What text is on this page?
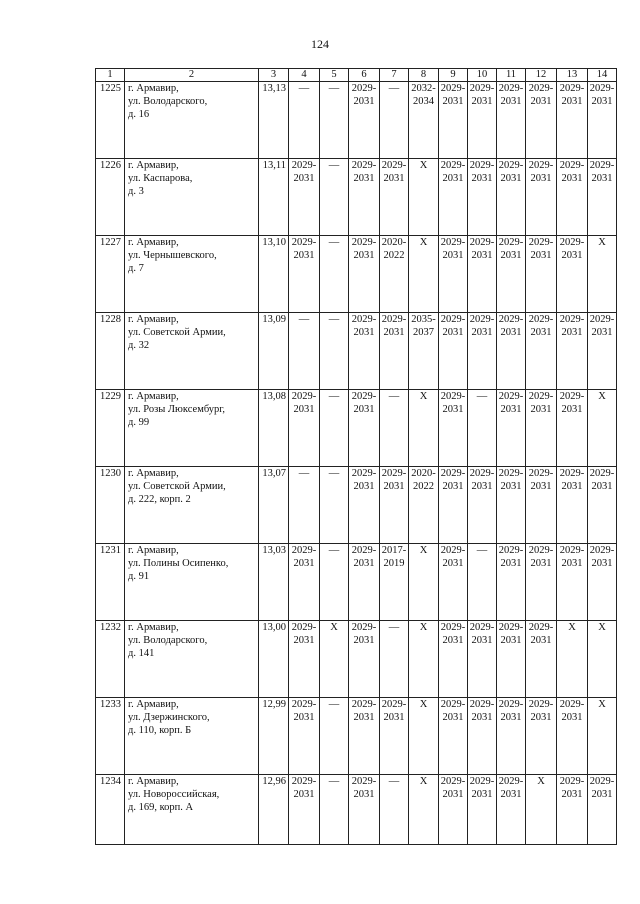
124
1	2	3	4	5	6	7	8	9	10	11	12	13	14
1225	г. Армавир,
ул. Володарского,
д. 16	13,13	—	—	2029-
2031	—	2032-
2034	2029-
2031	2029-
2031	2029-
2031	2029-
2031	2029-
2031	2029-
2031

1226	г. Армавир,
ул. Каспарова,
д. 3	13,11	2029-
2031	—	2029-
2031	2029-
2031	X	2029-
2031	2029-
2031	2029-
2031	2029-
2031	2029-
2031	2029-
2031

1227	г. Армавир,
ул. Чернышевского,
д. 7	13,10	2029-
2031	—	2029-
2031	2020-
2022	X	2029-
2031	2029-
2031	2029-
2031	2029-
2031	2029-
2031	X

1228	г. Армавир,
ул. Советской Армии,
д. 32	13,09	—	—	2029-
2031	2029-
2031	2035-
2037	2029-
2031	2029-
2031	2029-
2031	2029-
2031	2029-
2031	2029-
2031

1229	г. Армавир,
ул. Розы Люксембург,
д. 99	13,08	2029-
2031	—	2029-
2031	—	X	2029-
2031	—	2029-
2031	2029-
2031	2029-
2031	X

1230	г. Армавир,
ул. Советской Армии,
д. 222, корп. 2	13,07	—	—	2029-
2031	2029-
2031	2020-
2022	2029-
2031	2029-
2031	2029-
2031	2029-
2031	2029-
2031	2029-
2031

1231	г. Армавир,
ул. Полины Осипенко,
д. 91	13,03	2029-
2031	—	2029-
2031	2017-
2019	X	2029-
2031	—	2029-
2031	2029-
2031	2029-
2031	2029-
2031

1232	г. Армавир,
ул. Володарского,
д. 141	13,00	2029-
2031	X	2029-
2031	—	X	2029-
2031	2029-
2031	2029-
2031	2029-
2031	X	X

1233	г. Армавир,
ул. Дзержинского,
д. 110, корп. Б	12,99	2029-
2031	—	2029-
2031	2029-
2031	X	2029-
2031	2029-
2031	2029-
2031	2029-
2031	2029-
2031	X

1234	г. Армавир,
ул. Новороссийская,
д. 169, корп. А	12,96	2029-
2031	—	2029-
2031	—	X	2029-
2031	2029-
2031	2029-
2031	X	2029-
2031	2029-
2031
